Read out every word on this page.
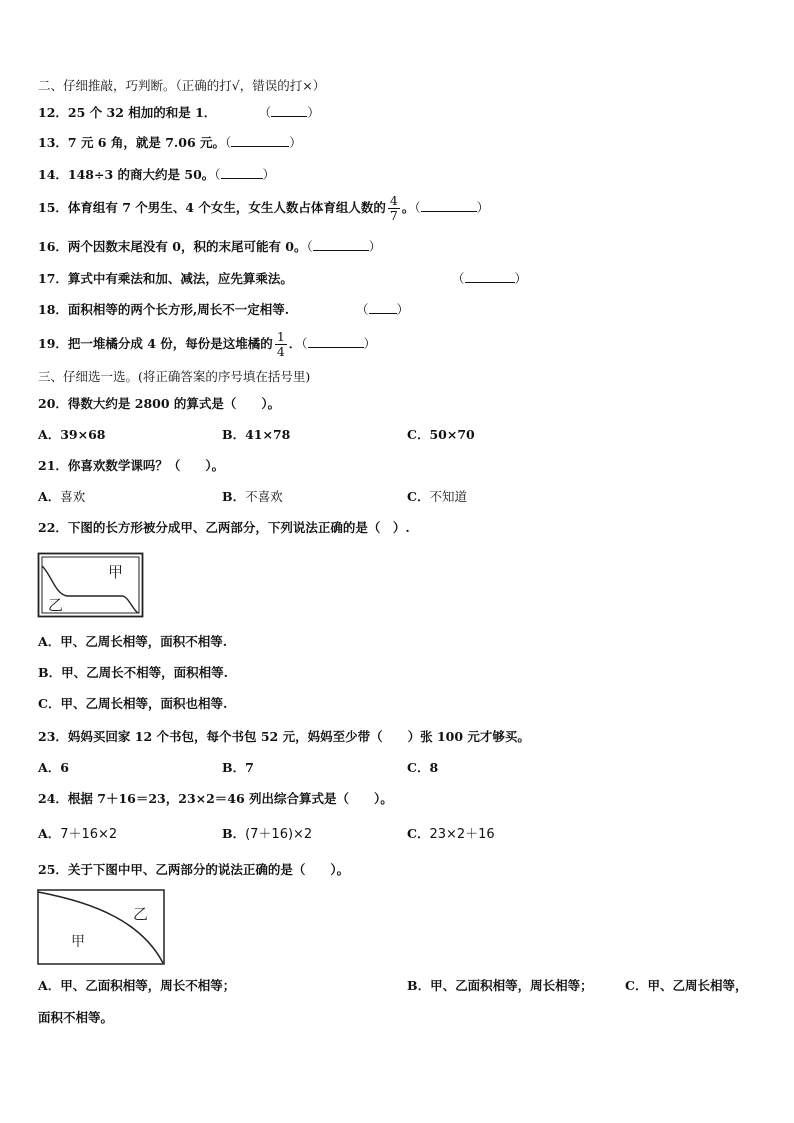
二、仔细推敲，巧判断。（正确的打√，错误的打×）
12．25 个 32 相加的和是 1．	（	）
13．7 元 6 角，就是 7.06 元。（	）
14．148÷3 的商大约是 50。（	）
15．体育组有 7 个男生、4 个女生，女生人数占体育组人数的 $\frac{4}{7}$ 。（	）
16．两个因数末尾没有 0，积的末尾可能有 0。（	）
17．算式中有乘法和加、减法，应先算乘法。	（	）
18．面积相等的两个长方形,周长不一定相等.	（ ）
19．把一堆橘分成 4 份，每份是这堆橘的 $\frac{1}{4}$ ．（	）
三、仔细选一选。(将正确答案的序号填在括号里)
20．得数大约是 2800 的算式是（　　）。
A．39×68	B．41×78	C．50×70
21．你喜欢数学课吗？（　　）。
A．喜欢	B．不喜欢	C．不知道
22．下图的长方形被分成甲、乙两部分，下列说法正确的是（　）.
甲
乙
A．甲、乙周长相等，面积不相等.
B．甲、乙周长不相等，面积相等.
C．甲、乙周长相等，面积也相等.
23．妈妈买回家 12 个书包，每个书包 52 元，妈妈至少带（　　）张 100 元才够买。
A．6	B．7	C．8
24．根据 7＋16＝23，23×2＝46 列出综合算式是（　　）。
A．7＋16×2	B．(7＋16)×2	C．23×2＋16
25．关于下图中甲、乙两部分的说法正确的是（　　）。
乙
甲
A．甲、乙面积相等，周长不相等；	B．甲、乙面积相等，周长相等；	C．甲、乙周长相等，
面积不相等。
